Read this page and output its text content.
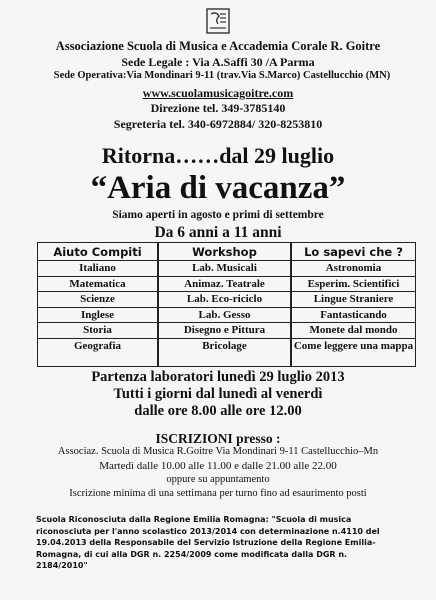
Associazione Scuola di Musica e Accademia Corale R. Goitre
Sede Legale : Via A.Saffi 30 /A Parma
Sede Operativa:Via Mondinari 9-11 (trav.Via S.Marco) Castellucchio (MN)
www.scuolamusicagoitre.com
Direzione tel. 349-3785140
Segreteria tel. 340-6972884/ 320-8253810
Ritorna……dal 29 luglio
“Aria di vacanza”
Siamo aperti in agosto e primi di settembre
Da 6 anni a 11 anni
Aiuto Compiti	Workshop	Lo sapevi che ?
Italiano	Lab. Musicali	Astronomia
Matematica	Animaz. Teatrale	Esperim. Scientifici
Scienze	Lab. Eco-riciclo	Lingue Straniere
Inglese	Lab. Gesso	Fantasticando
Storia	Disegno e Pittura	Monete dal mondo
Geografia	Bricolage	Come leggere una mappa
Partenza laboratori lunedì 29 luglio 2013
Tutti i giorni dal lunedì al venerdì
dalle ore 8.00 alle ore 12.00
ISCRIZIONI presso :
Associaz. Scuola di Musica R.Goitre Via Mondinari 9-11 Castellucchio–Mn
Martedì dalle 10.00 alle 11.00 e dalle 21.00 alle 22.00
oppure su appuntamento
Iscrizione minima di una settimana per turno fino ad esaurimento posti
Scuola Riconosciuta dalla Regione Emilia Romagna: "Scuola di musica
riconosciuta per l'anno scolastico 2013/2014 con determinazione n.4110 del
19.04.2013 della Responsabile del Servizio Istruzione della Regione Emilia-
Romagna, di cui alla DGR n. 2254/2009 come modificata dalla DGR n.
2184/2010"
